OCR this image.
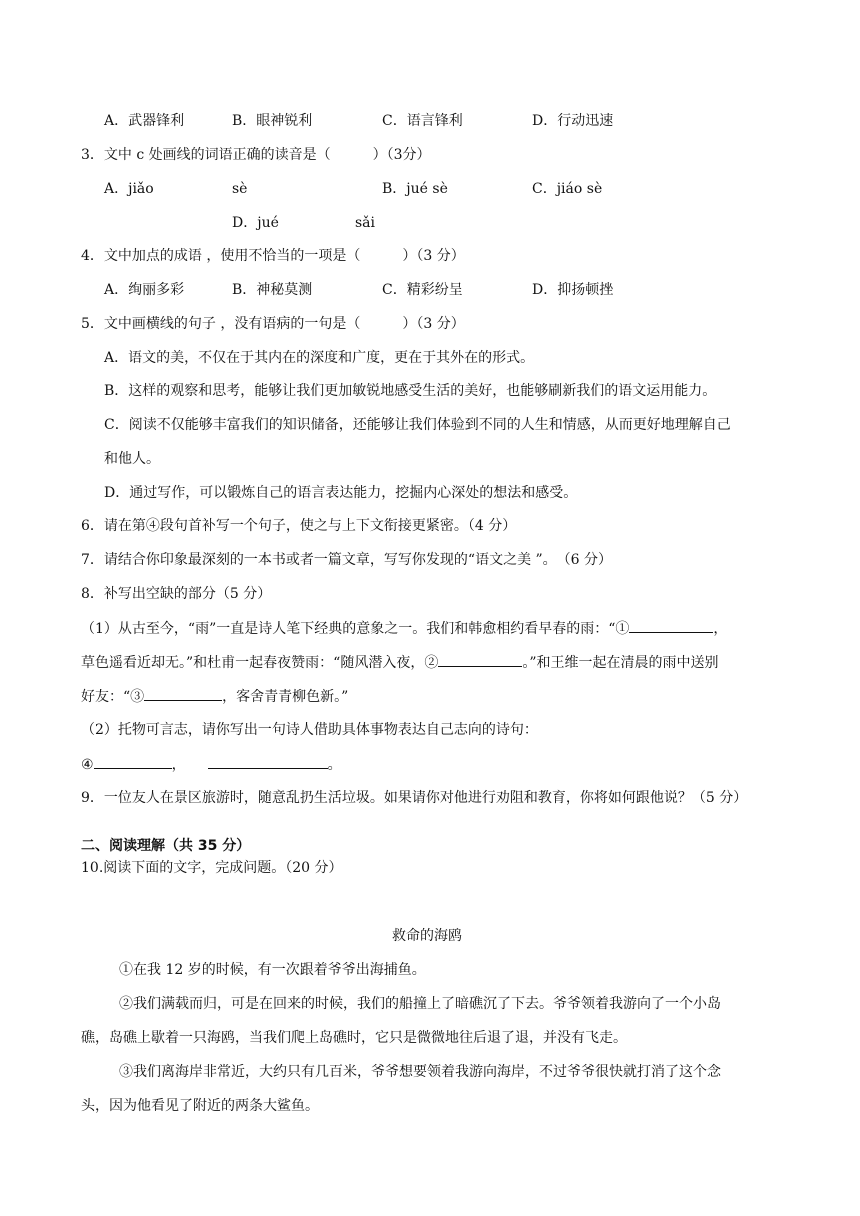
A．武器锋利	B．眼神锐利	C．语言锋利	D．行动迅速
3．文中 c 处画线的词语正确的读音是（　　　）（3分）
A．jiǎo	sè	B．jué sè	C．jiáo sè
D．jué	sǎi
4．文中加点的成语 ，使用不恰当的一项是（　　　）（3 分）
A．绚丽多彩	B．神秘莫测	C．精彩纷呈	D．抑扬顿挫
5．文中画横线的句子 ，没有语病的一句是（　　　）（3 分）
A．语文的美，不仅在于其内在的深度和广度，更在于其外在的形式。
B．这样的观察和思考，能够让我们更加敏锐地感受生活的美好，也能够刷新我们的语文运用能力。
C．阅读不仅能够丰富我们的知识储备，还能够让我们体验到不同的人生和情感，从而更好地理解自己
和他人。
D．通过写作，可以锻炼自己的语言表达能力，挖掘内心深处的想法和感受。
6．请在第④段句首补写一个句子，使之与上下文衔接更紧密。（4 分）
7．请结合你印象最深刻的一本书或者一篇文章，写写你发现的“语文之美 ”。　（6 分）
8．补写出空缺的部分（5 分）
（1）从古至今，“雨”一直是诗人笔下经典的意象之一。我们和韩愈相约看早春的雨：“①	，
草色遥看近却无。”和杜甫一起春夜赞雨：“随风潜入夜，②	。”和王维一起在清晨的雨中送别
好友：“③	，客舍青青柳色新。”
（2）托物可言志，请你写出一句诗人借助具体事物表达自己志向的诗句：
④	，	。
9．一位友人在景区旅游时，随意乱扔生活垃圾。如果请你对他进行劝阻和教育，你将如何跟他说？（5 分）
二、阅读理解（共 35 分）
10.阅读下面的文字，完成问题。（20 分）
救命的海鸥
①在我 12 岁的时候，有一次跟着爷爷出海捕鱼。
②我们满载而归，可是在回来的时候，我们的船撞上了暗礁沉了下去。爷爷领着我游向了一个小岛
礁，岛礁上歇着一只海鸥，当我们爬上岛礁时，它只是微微地往后退了退，并没有飞走。
③我们离海岸非常近，大约只有几百米，爷爷想要领着我游向海岸，不过爷爷很快就打消了这个念
头，因为他看见了附近的两条大鲨鱼。
